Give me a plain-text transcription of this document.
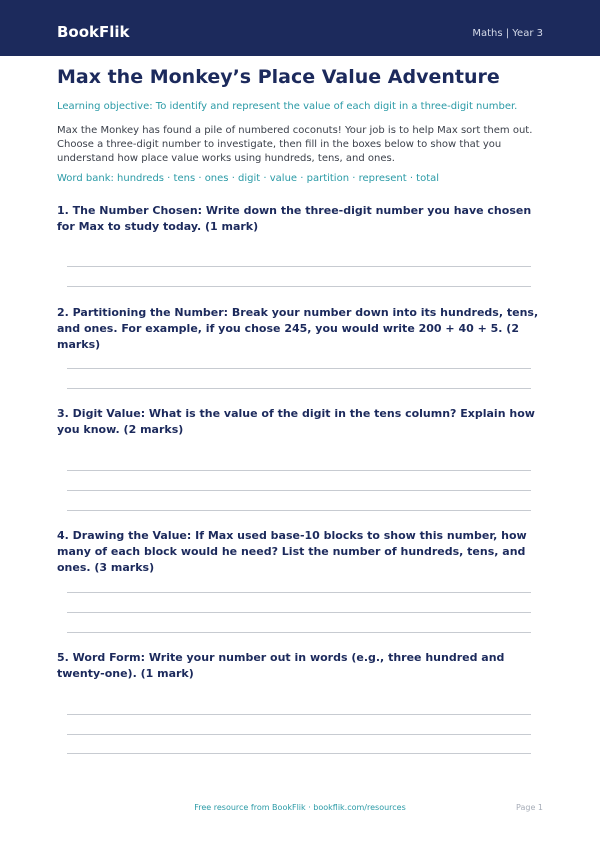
BookFlik	Maths | Year 3
Max the Monkey’s Place Value Adventure

Learning objective: To identify and represent the value of each digit in a three-digit number.

Max the Monkey has found a pile of numbered coconuts! Your job is to help Max sort them out. Choose a three-digit number to investigate, then fill in the boxes below to show that you understand how place value works using hundreds, tens, and ones.

Word bank: hundreds · tens · ones · digit · value · partition · represent · total

1. The Number Chosen: Write down the three-digit number you have chosen for Max to study today. (1 mark)
2. Partitioning the Number: Break your number down into its hundreds, tens, and ones. For example, if you chose 245, you would write 200 + 40 + 5. (2 marks)
3. Digit Value: What is the value of the digit in the tens column? Explain how you know. (2 marks)
4. Drawing the Value: If Max used base-10 blocks to show this number, how many of each block would he need? List the number of hundreds, tens, and ones. (3 marks)
5. Word Form: Write your number out in words (e.g., three hundred and twenty-one). (1 mark)
Free resource from BookFlik · bookflik.com/resources	Page 1
